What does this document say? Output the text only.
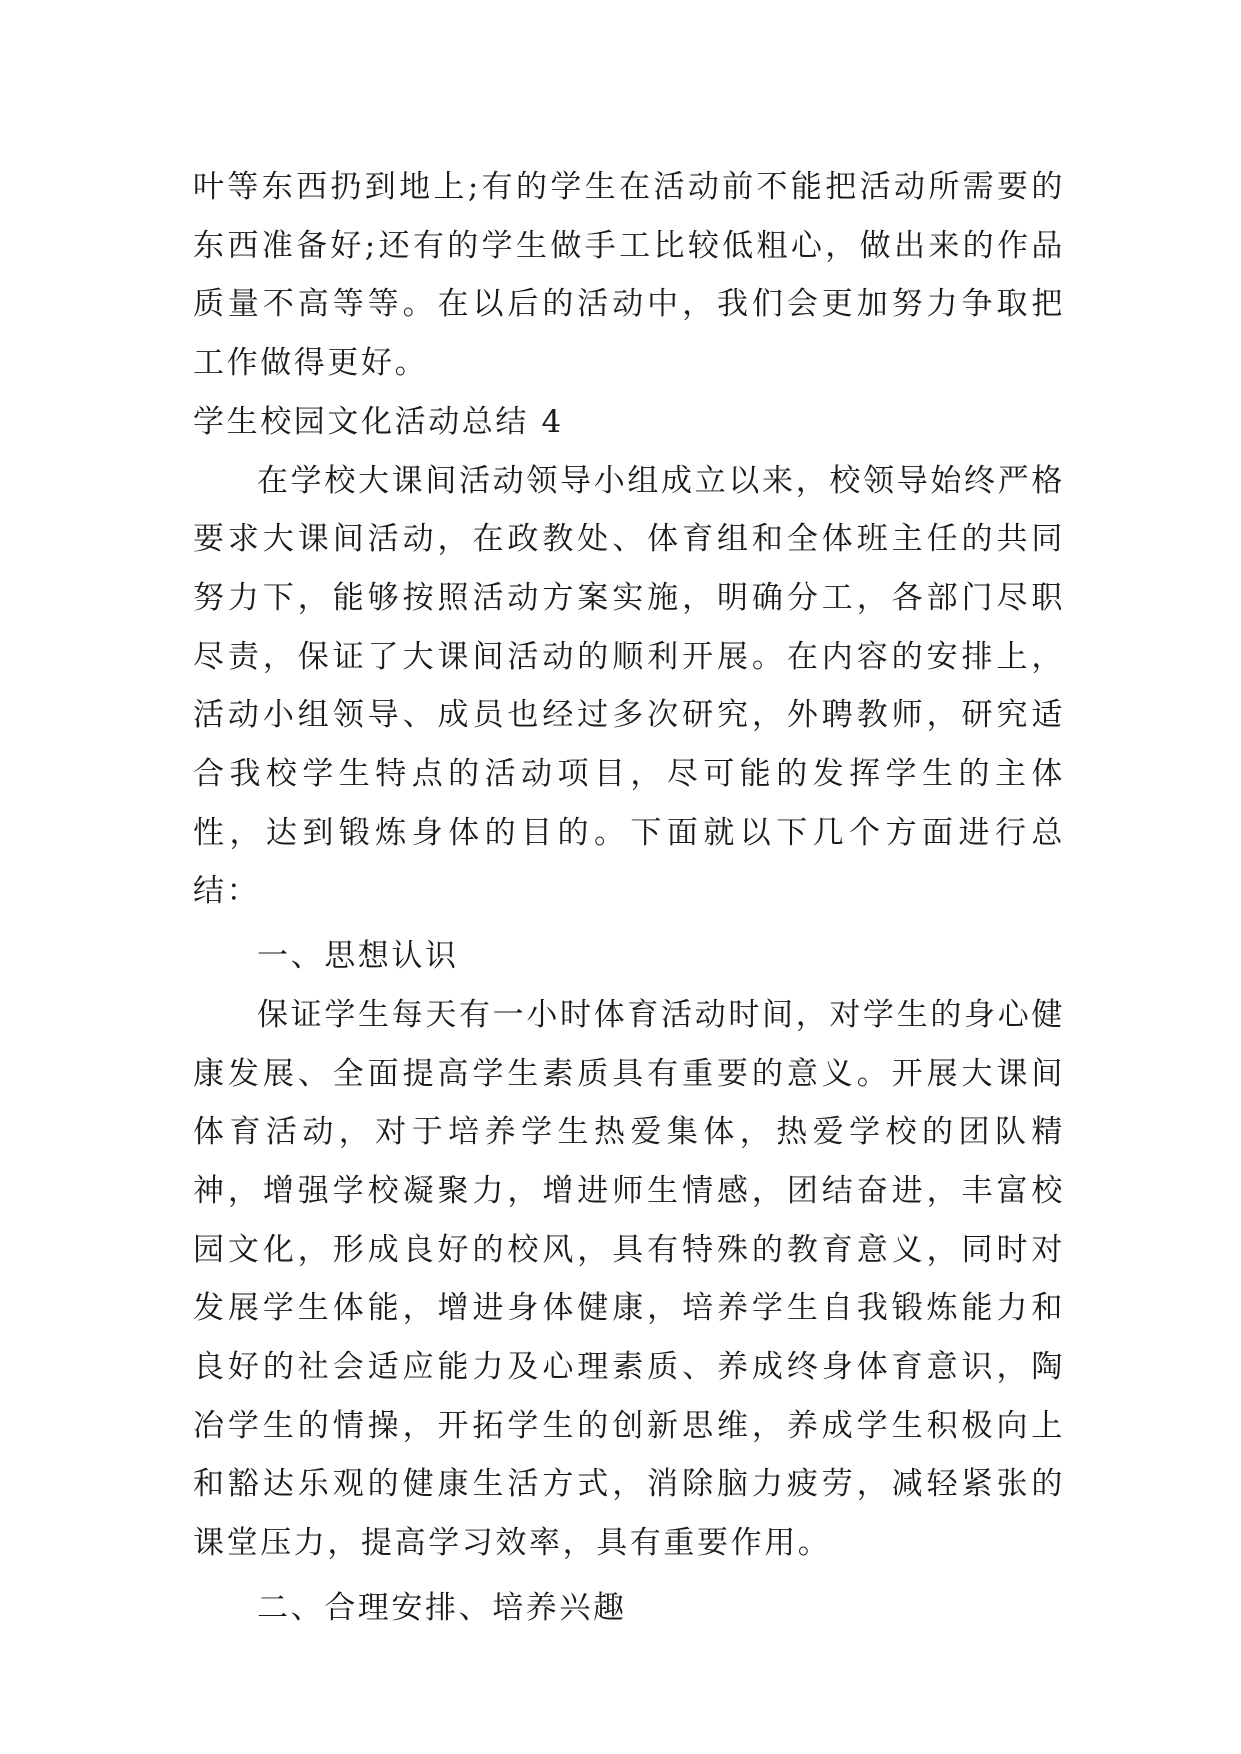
叶等东西扔到地上;有的学生在活动前不能把活动所需要的东西准备好;还有的学生做手工比较低粗心，做出来的作品质量不高等等。在以后的活动中，我们会更加努力争取把工作做得更好。

学生校园文化活动总结 4

在学校大课间活动领导小组成立以来，校领导始终严格要求大课间活动，在政教处、体育组和全体班主任的共同努力下，能够按照活动方案实施，明确分工，各部门尽职尽责，保证了大课间活动的顺利开展。在内容的安排上，活动小组领导、成员也经过多次研究，外聘教师，研究适合我校学生特点的活动项目，尽可能的发挥学生的主体性，达到锻炼身体的目的。下面就以下几个方面进行总结：

一、思想认识

保证学生每天有一小时体育活动时间，对学生的身心健康发展、全面提高学生素质具有重要的意义。开展大课间体育活动，对于培养学生热爱集体，热爱学校的团队精神，增强学校凝聚力，增进师生情感，团结奋进，丰富校园文化，形成良好的校风，具有特殊的教育意义，同时对发展学生体能，增进身体健康，培养学生自我锻炼能力和良好的社会适应能力及心理素质、养成终身体育意识，陶冶学生的情操，开拓学生的创新思维，养成学生积极向上和豁达乐观的健康生活方式，消除脑力疲劳，减轻紧张的课堂压力，提高学习效率，具有重要作用。

二、合理安排、培养兴趣
